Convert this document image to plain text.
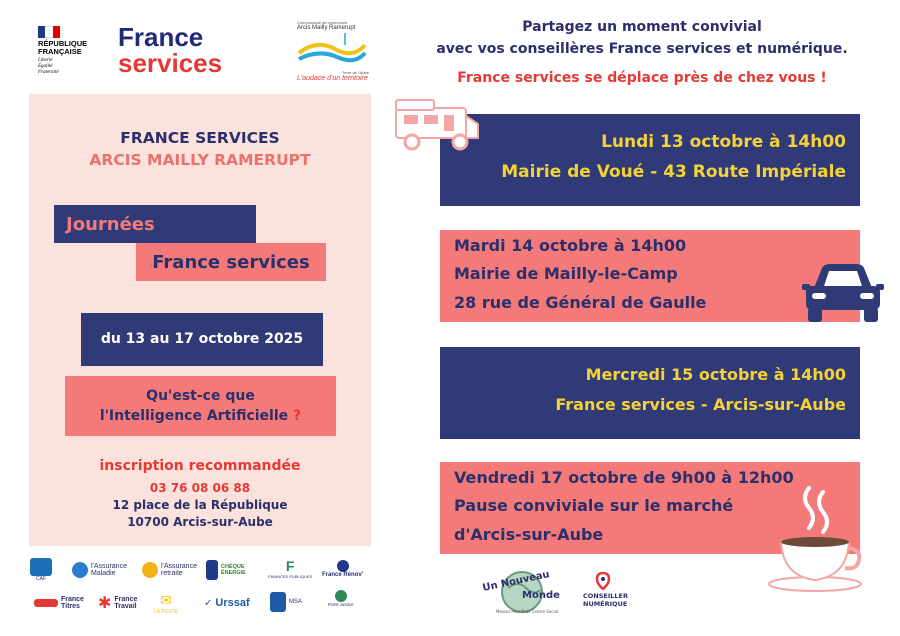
RÉPUBLIQUE
FRANÇAISE
Liberté
Égalité
Fraternité
France
services
Communauté de communes
Arcis Mailly Ramerupt
Terre de l'Aube
L'audace d'un territoire
FRANCE SERVICES
ARCIS MAILLY RAMERUPT
Journées
France services
du 13 au 17 octobre 2025
Qu'est-ce que
l'Intelligence Artificielle ?
inscription recommandée
03 76 08 06 88
12 place de la République
10700 Arcis-sur-Aube
CAF
l'Assurance Maladie
l'Assurance retraite
CHÈQUE ÉNERGIE	F
FINANCES PUBLIQUES France Rénov'
France Titres	✱ France Travail	✉
LA POSTE
✓ Urssaf	MSA	Point Justice
Partagez un moment convivial
avec vos conseillères France services et numérique.
France services se déplace près de chez vous !
Lundi 13 octobre à 14h00
Mairie de Voué - 43 Route Impériale
Mardi 14 octobre à 14h00
Mairie de Mailly-le-Camp
28 rue de Général de Gaulle
Mercredi 15 octobre à 14h00
France services - Arcis-sur-Aube
Vendredi 17 octobre de 9h00 à 12h00
Pause conviviale sur le marché
d'Arcis-sur-Aube
Un Nouveau
Monde
Maison Pour Tous Centre Social
CONSEILLER
NUMÉRIQUE
